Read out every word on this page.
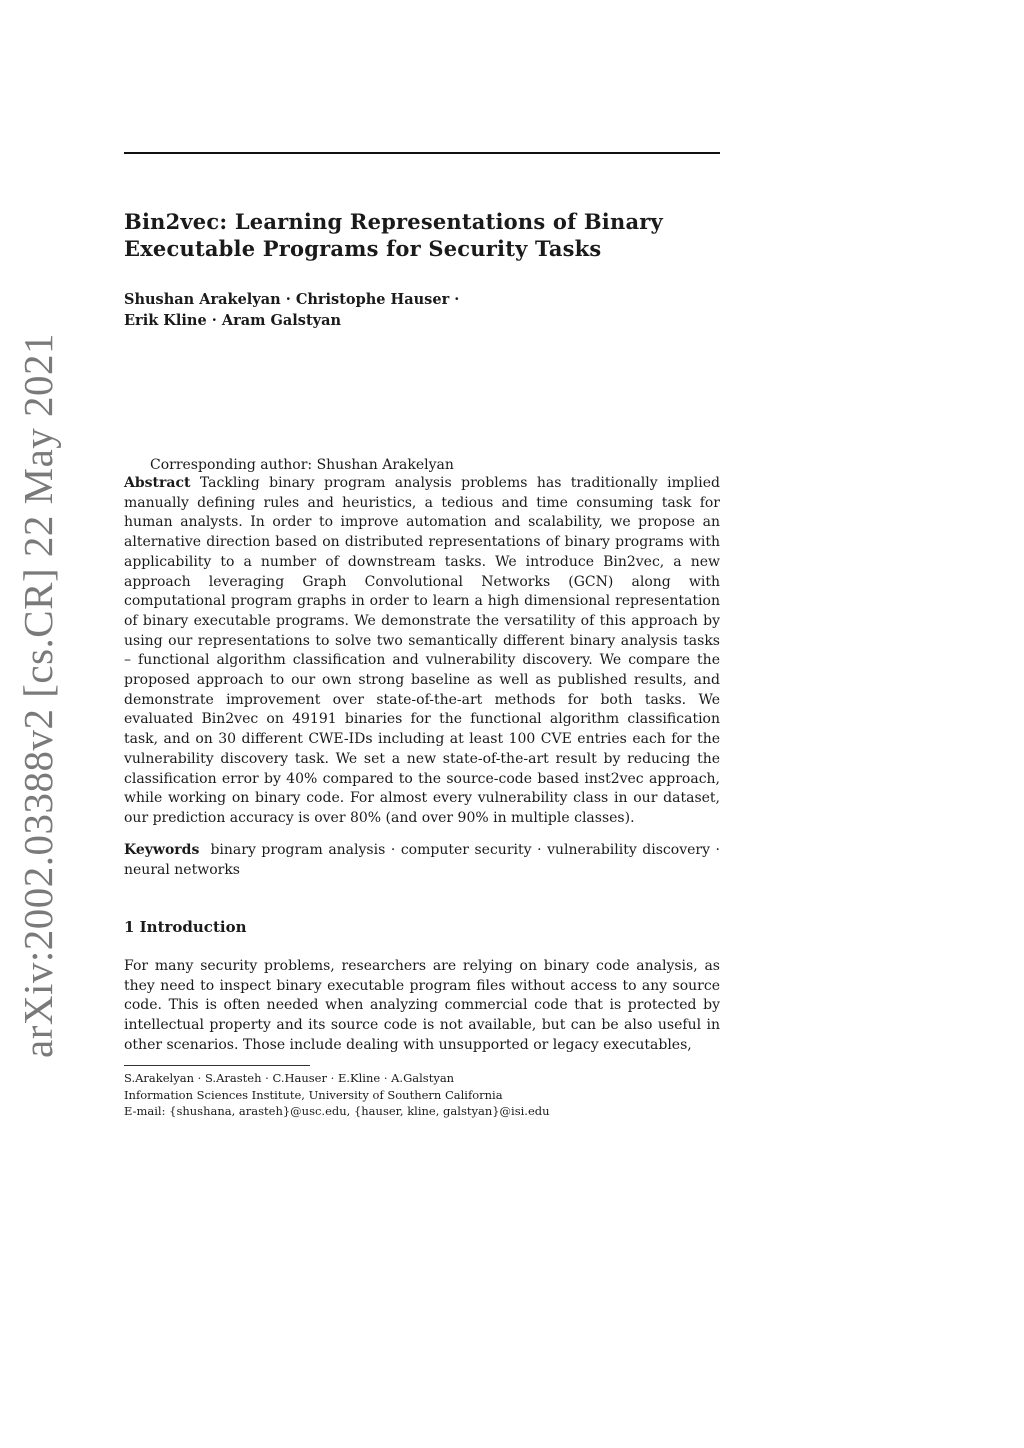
arXiv:2002.03388v2 [cs.CR] 22 May 2021
Bin2vec: Learning Representations of Binary Executable Programs for Security Tasks
Shushan Arakelyan · Christophe Hauser ·
Erik Kline · Aram Galstyan
Corresponding author: Shushan Arakelyan
Abstract Tackling binary program analysis problems has traditionally implied manually defining rules and heuristics, a tedious and time consuming task for human analysts. In order to improve automation and scalability, we propose an alternative direction based on distributed representations of binary programs with applicability to a number of downstream tasks. We introduce Bin2vec, a new approach leveraging Graph Convolutional Networks (GCN) along with computational program graphs in order to learn a high dimensional representation of binary executable programs. We demonstrate the versatility of this approach by using our representations to solve two semantically different binary analysis tasks – functional algorithm classification and vulnerability discovery. We compare the proposed approach to our own strong baseline as well as published results, and demonstrate improvement over state-of-the-art methods for both tasks. We evaluated Bin2vec on 49191 binaries for the functional algorithm classification task, and on 30 different CWE-IDs including at least 100 CVE entries each for the vulnerability discovery task. We set a new state-of-the-art result by reducing the classification error by 40% compared to the source-code based inst2vec approach, while working on binary code. For almost every vulnerability class in our dataset, our prediction accuracy is over 80% (and over 90% in multiple classes).
Keywords binary program analysis · computer security · vulnerability discovery · neural networks
1 Introduction
For many security problems, researchers are relying on binary code analysis, as they need to inspect binary executable program files without access to any source code. This is often needed when analyzing commercial code that is protected by intellectual property and its source code is not available, but can be also useful in other scenarios. Those include dealing with unsupported or legacy executables,
S.Arakelyan · S.Arasteh · C.Hauser · E.Kline · A.Galstyan
Information Sciences Institute, University of Southern California
E-mail: {shushana, arasteh}@usc.edu, {hauser, kline, galstyan}@isi.edu
